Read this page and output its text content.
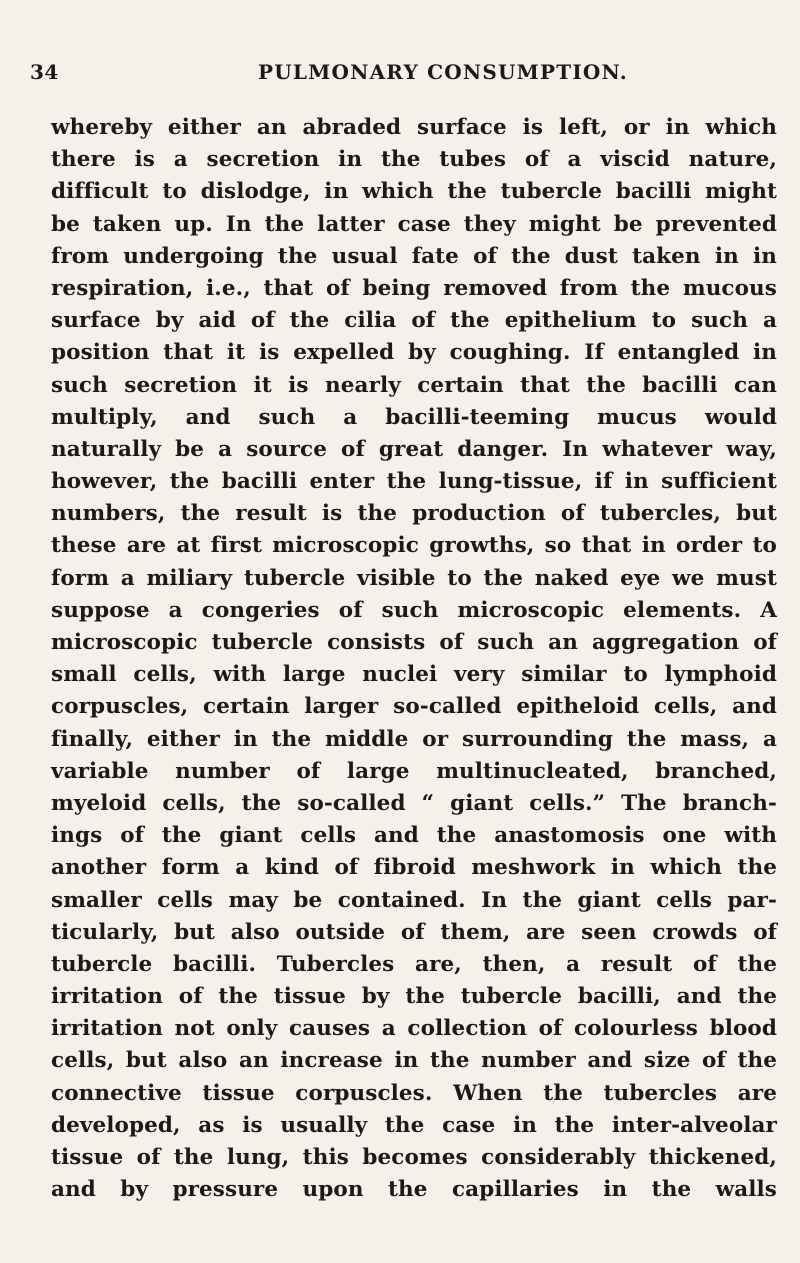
34	PULMONARY CONSUMPTION.
whereby either an abraded surface is left, or in which
there is a secretion in the tubes of a viscid nature,
difficult to dislodge, in which the tubercle bacilli might
be taken up. In the latter case they might be prevented
from undergoing the usual fate of the dust taken in in
respiration, i.e., that of being removed from the mucous
surface by aid of the cilia of the epithelium to such a
position that it is expelled by coughing. If entangled in
such secretion it is nearly certain that the bacilli can
multiply, and such a bacilli-teeming mucus would
naturally be a source of great danger. In whatever way,
however, the bacilli enter the lung-tissue, if in sufficient
numbers, the result is the production of tubercles, but
these are at first microscopic growths, so that in order to
form a miliary tubercle visible to the naked eye we must
suppose a congeries of such microscopic elements. A
microscopic tubercle consists of such an aggregation of
small cells, with large nuclei very similar to lymphoid
corpuscles, certain larger so-called epitheloid cells, and
finally, either in the middle or surrounding the mass, a
variable number of large multinucleated, branched,
myeloid cells, the so-called “ giant cells.” The branch-
ings of the giant cells and the anastomosis one with
another form a kind of fibroid meshwork in which the
smaller cells may be contained. In the giant cells par-
ticularly, but also outside of them, are seen crowds of
tubercle bacilli. Tubercles are, then, a result of the
irritation of the tissue by the tubercle bacilli, and the
irritation not only causes a collection of colourless blood
cells, but also an increase in the number and size of the
connective tissue corpuscles. When the tubercles are
developed, as is usually the case in the inter-alveolar
tissue of the lung, this becomes considerably thickened,
and by pressure upon the capillaries in the walls
